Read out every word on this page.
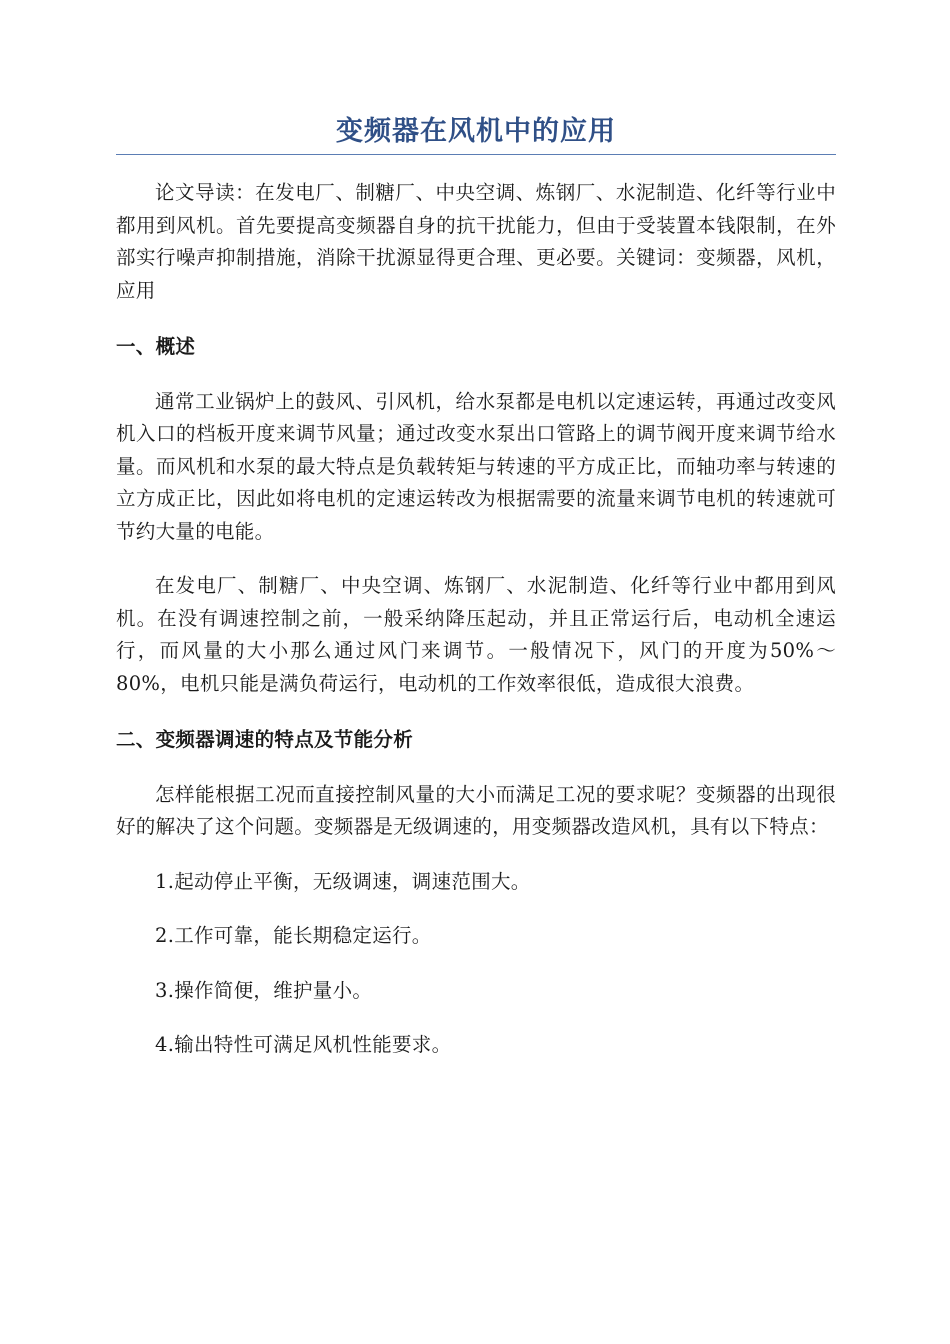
变频器在风机中的应用

论文导读：在发电厂、制糖厂、中央空调、炼钢厂、水泥制造、化纤等行业中都用到风机。首先要提高变频器自身的抗干扰能力，但由于受装置本钱限制，在外部实行噪声抑制措施，消除干扰源显得更合理、更必要。关键词：变频器，风机，应用

一、概述

通常工业锅炉上的鼓风、引风机，给水泵都是电机以定速运转，再通过改变风机入口的档板开度来调节风量；通过改变水泵出口管路上的调节阀开度来调节给水量。而风机和水泵的最大特点是负载转矩与转速的平方成正比，而轴功率与转速的立方成正比，因此如将电机的定速运转改为根据需要的流量来调节电机的转速就可节约大量的电能。

在发电厂、制糖厂、中央空调、炼钢厂、水泥制造、化纤等行业中都用到风机。在没有调速控制之前，一般采纳降压起动，并且正常运行后，电动机全速运行，而风量的大小那么通过风门来调节。一般情况下，风门的开度为50%～80%，电机只能是满负荷运行，电动机的工作效率很低，造成很大浪费。

二、变频器调速的特点及节能分析

怎样能根据工况而直接控制风量的大小而满足工况的要求呢？变频器的出现很好的解决了这个问题。变频器是无级调速的，用变频器改造风机，具有以下特点：

1.起动停止平衡，无级调速，调速范围大。
2.工作可靠，能长期稳定运行。
3.操作简便，维护量小。
4.输出特性可满足风机性能要求。
